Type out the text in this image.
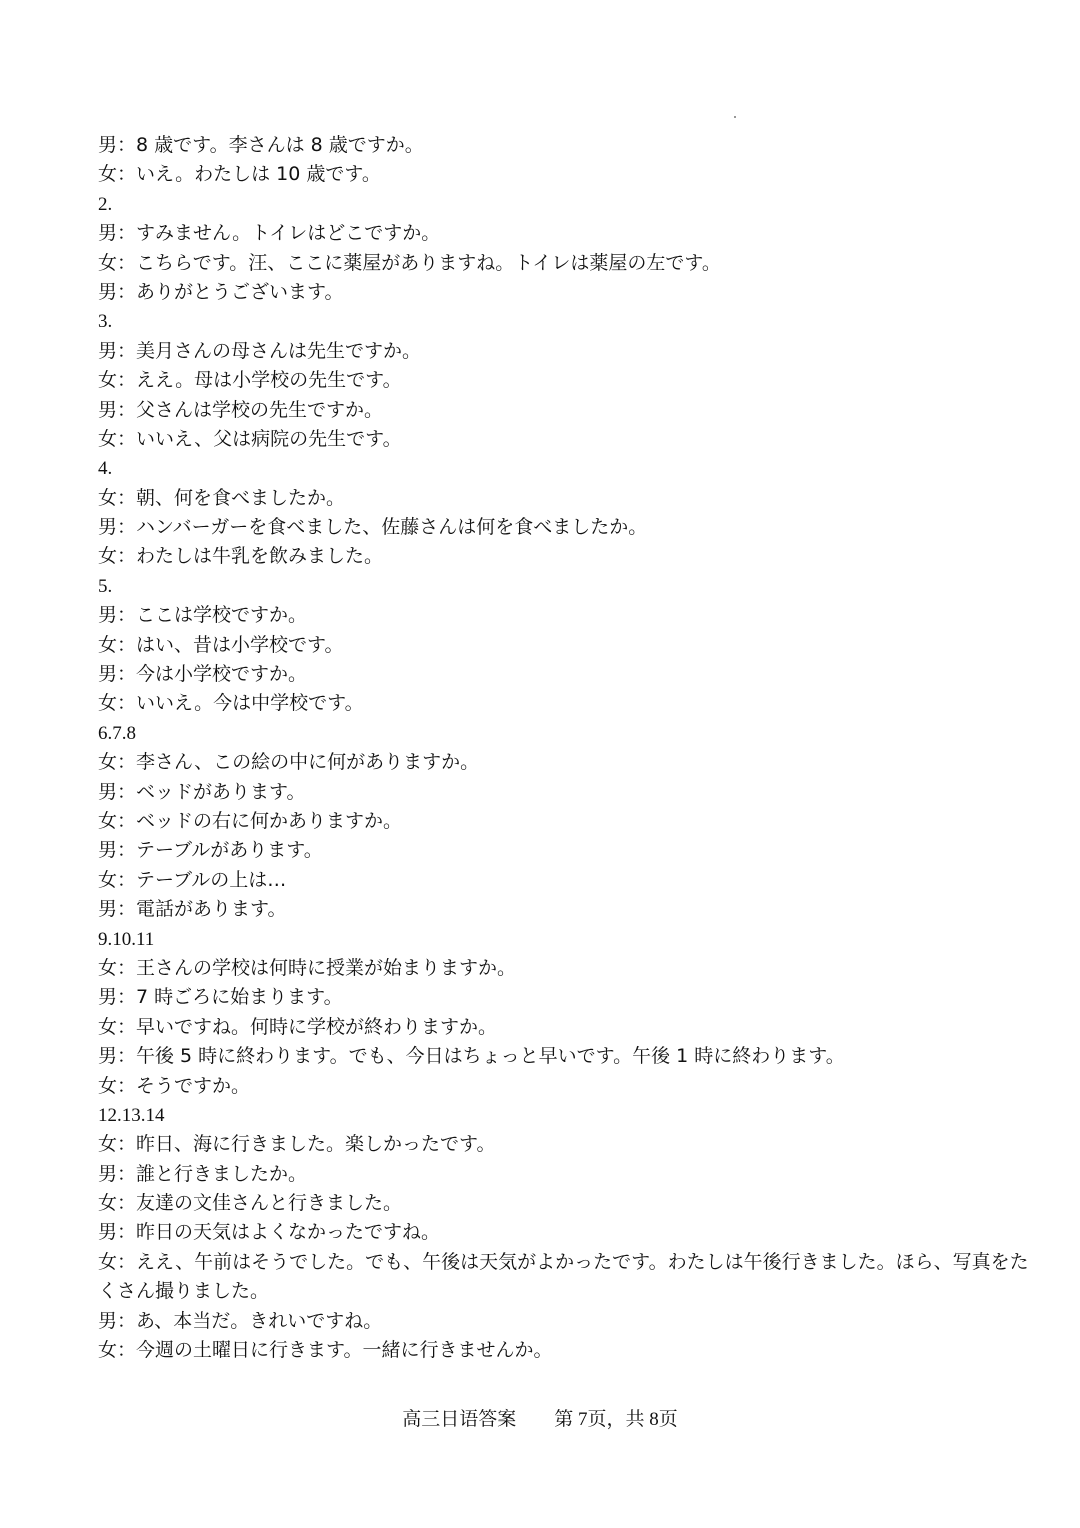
男：8 歳です。李さんは 8 歳ですか。
女：いえ。わたしは 10 歳です。
2.
男：すみません。トイレはどこですか。
女：こちらです。汪、ここに薬屋がありますね。トイレは薬屋の左です。
男：ありがとうございます。
3.
男：美月さんの母さんは先生ですか。
女：ええ。母は小学校の先生です。
男：父さんは学校の先生ですか。
女：いいえ、父は病院の先生です。
4.
女：朝、何を食べましたか。
男：ハンバーガーを食べました、佐藤さんは何を食べましたか。
女：わたしは牛乳を飲みました。
5.
男：ここは学校ですか。
女：はい、昔は小学校です。
男：今は小学校ですか。
女：いいえ。今は中学校です。
6.7.8
女：李さん、この絵の中に何がありますか。
男：ベッドがあります。
女：ベッドの右に何かありますか。
男：テーブルがあります。
女：テーブルの上は…
男：電話があります。
9.10.11
女：王さんの学校は何時に授業が始まりますか。
男：7 時ごろに始まります。
女：早いですね。何時に学校が終わりますか。
男：午後 5 時に終わります。でも、今日はちょっと早いです。午後 1 時に終わります。
女：そうですか。
12.13.14
女：昨日、海に行きました。楽しかったです。
男：誰と行きましたか。
女：友達の文佳さんと行きました。
男：昨日の天気はよくなかったですね。
女：ええ、午前はそうでした。でも、午後は天気がよかったです。わたしは午後行きました。ほら、写真をた
くさん撮りました。
男：あ、本当だ。きれいですね。
女：今週の土曜日に行きます。一緒に行きませんか。
高三日语答案 第 7页，共 8页
